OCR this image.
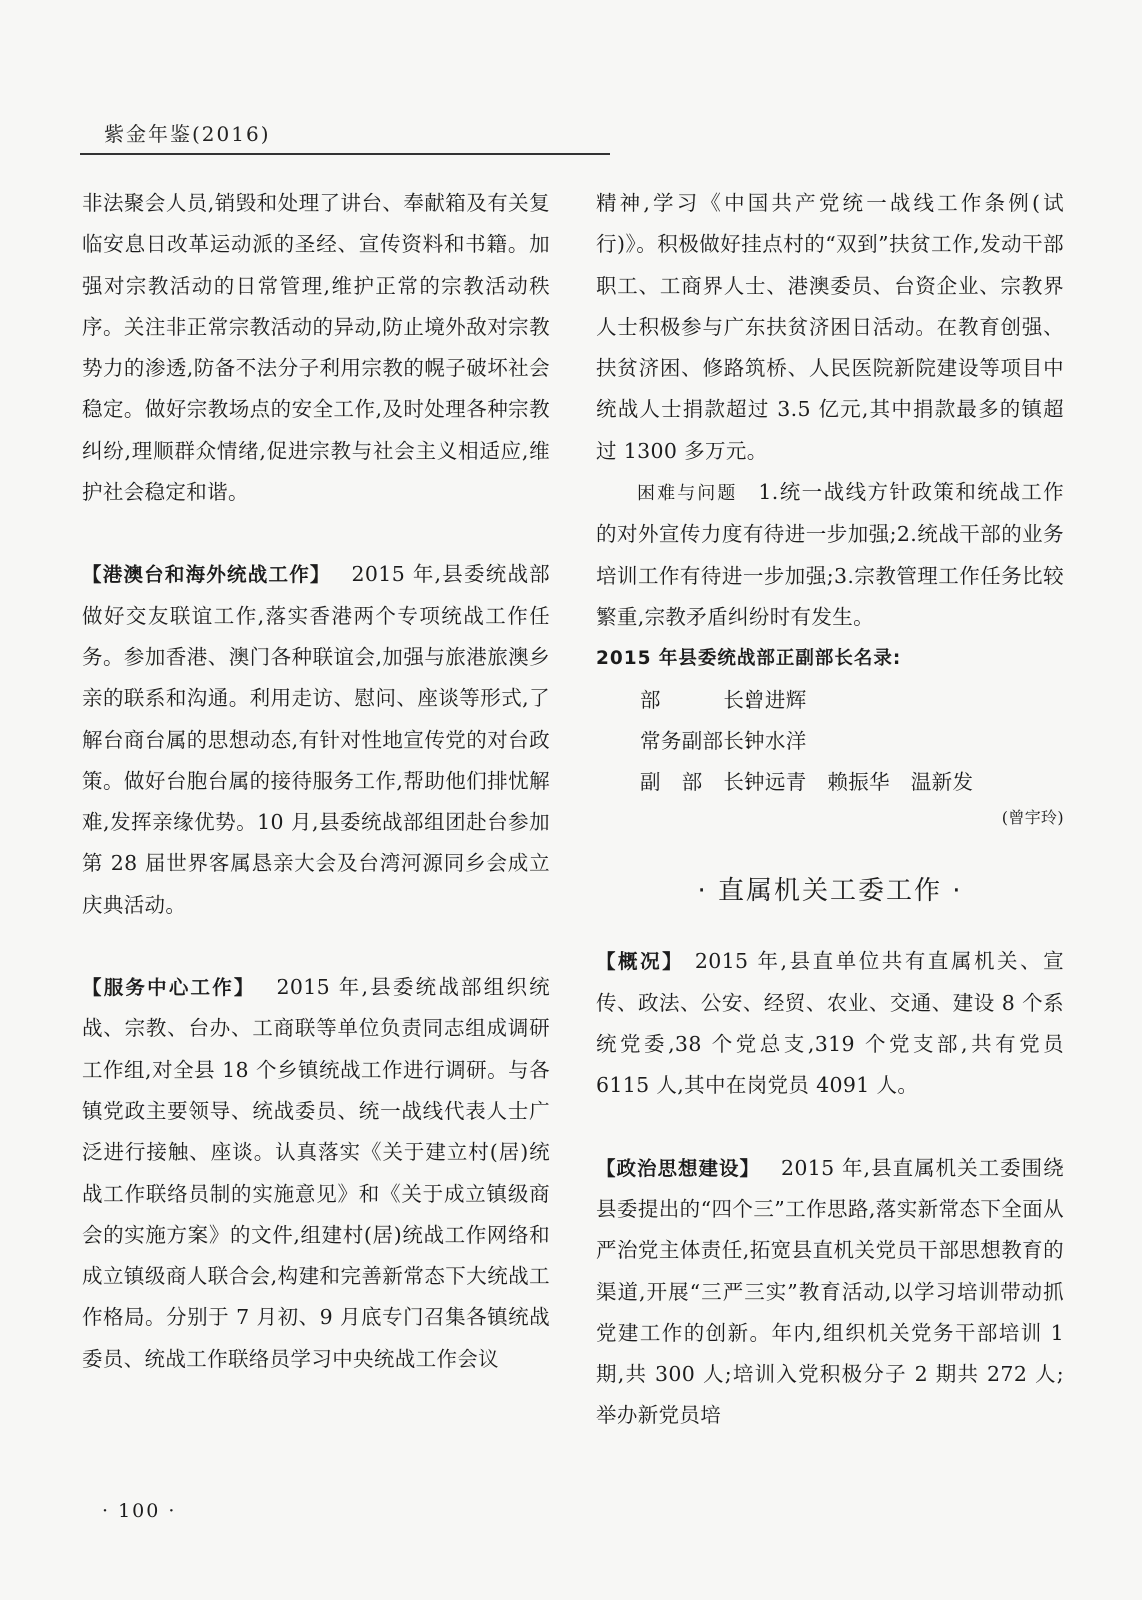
紫金年鉴(2016)

非法聚会人员,销毁和处理了讲台、奉献箱及有关复临安息日改革运动派的圣经、宣传资料和书籍。加强对宗教活动的日常管理,维护正常的宗教活动秩序。关注非正常宗教活动的异动,防止境外敌对宗教势力的渗透,防备不法分子利用宗教的幌子破坏社会稳定。做好宗教场点的安全工作,及时处理各种宗教纠纷,理顺群众情绪,促进宗教与社会主义相适应,维护社会稳定和谐。

【港澳台和海外统战工作】  2015 年,县委统战部做好交友联谊工作,落实香港两个专项统战工作任务。参加香港、澳门各种联谊会,加强与旅港旅澳乡亲的联系和沟通。利用走访、慰问、座谈等形式,了解台商台属的思想动态,有针对性地宣传党的对台政策。做好台胞台属的接待服务工作,帮助他们排忧解难,发挥亲缘优势。10 月,县委统战部组团赴台参加第 28 届世界客属恳亲大会及台湾河源同乡会成立庆典活动。

【服务中心工作】  2015 年,县委统战部组织统战、宗教、台办、工商联等单位负责同志组成调研工作组,对全县 18 个乡镇统战工作进行调研。与各镇党政主要领导、统战委员、统一战线代表人士广泛进行接触、座谈。认真落实《关于建立村(居)统战工作联络员制的实施意见》和《关于成立镇级商会的实施方案》的文件,组建村(居)统战工作网络和成立镇级商人联合会,构建和完善新常态下大统战工作格局。分别于 7 月初、9 月底专门召集各镇统战委员、统战工作联络员学习中央统战工作会议

精神,学习《中国共产党统一战线工作条例(试行)》。积极做好挂点村的“双到”扶贫工作,发动干部职工、工商界人士、港澳委员、台资企业、宗教界人士积极参与广东扶贫济困日活动。在教育创强、扶贫济困、修路筑桥、人民医院新院建设等项目中统战人士捐款超过 3.5 亿元,其中捐款最多的镇超过 1300 多万元。

困难与问题  1.统一战线方针政策和统战工作的对外宣传力度有待进一步加强;2.统战干部的业务培训工作有待进一步加强;3.宗教管理工作任务比较繁重,宗教矛盾纠纷时有发生。

2015 年县委统战部正副部长名录:
部　　　长:曾进辉
常务副部长:钟水洋
副　部　长:钟远青　赖振华　温新发
(曾宇玲)
· 直属机关工委工作 ·

【概况】  2015 年,县直单位共有直属机关、宣传、政法、公安、经贸、农业、交通、建设 8 个系统党委,38 个党总支,319 个党支部,共有党员 6115 人,其中在岗党员 4091 人。

【政治思想建设】  2015 年,县直属机关工委围绕县委提出的“四个三”工作思路,落实新常态下全面从严治党主体责任,拓宽县直机关党员干部思想教育的渠道,开展“三严三实”教育活动,以学习培训带动抓党建工作的创新。年内,组织机关党务干部培训 1 期,共 300 人;培训入党积极分子 2 期共 272 人;举办新党员培

· 100 ·
